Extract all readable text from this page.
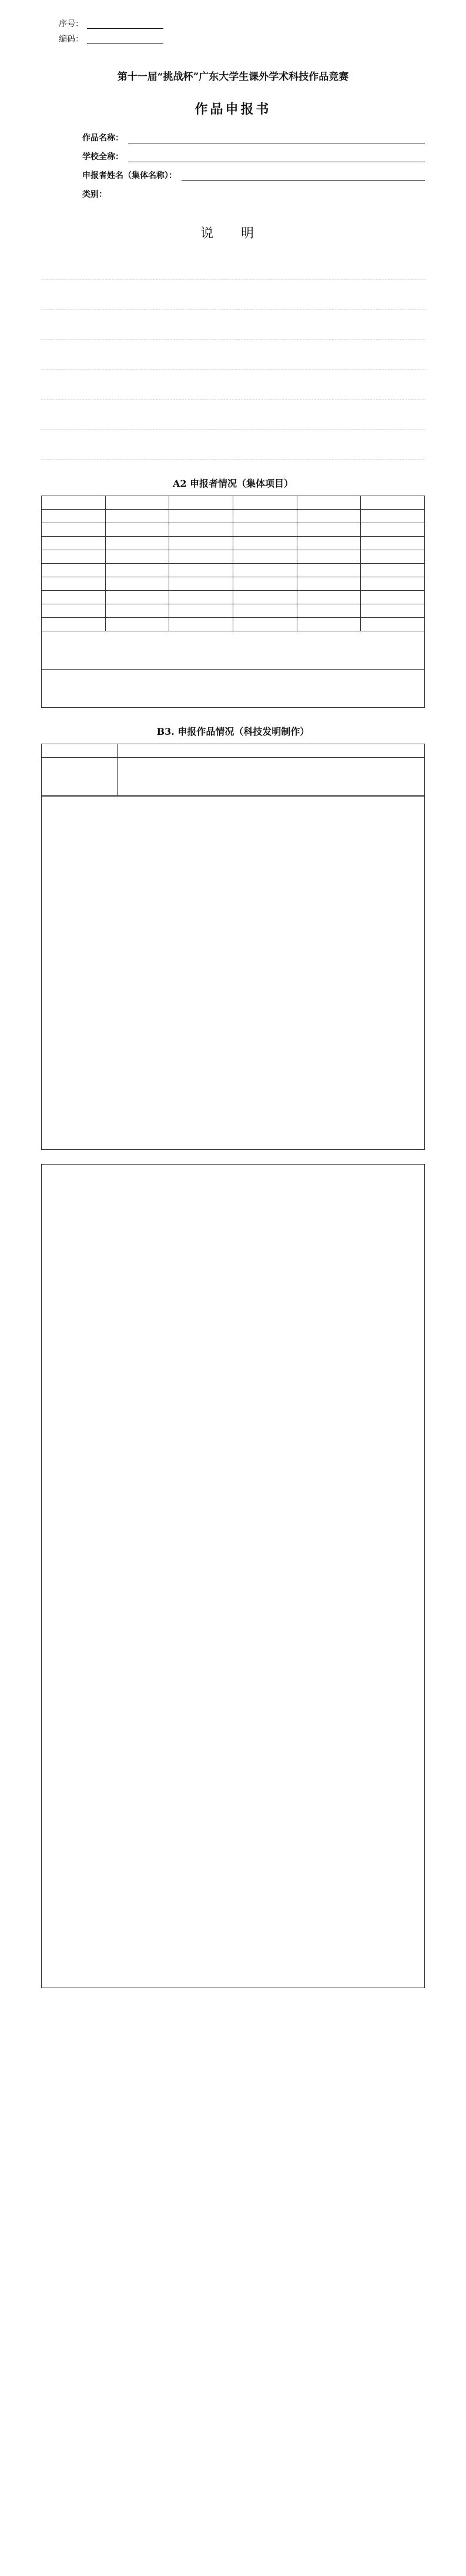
序号：
编码：
第十一届“挑战杯”广东大学生课外学术科技作品竞赛
作品申报书
作品名称：
学校全称：
申报者姓名（集体名称）：
类别：
说 明
A2 申报者情况（集体项目）

B3. 申报作品情况（科技发明制作）
